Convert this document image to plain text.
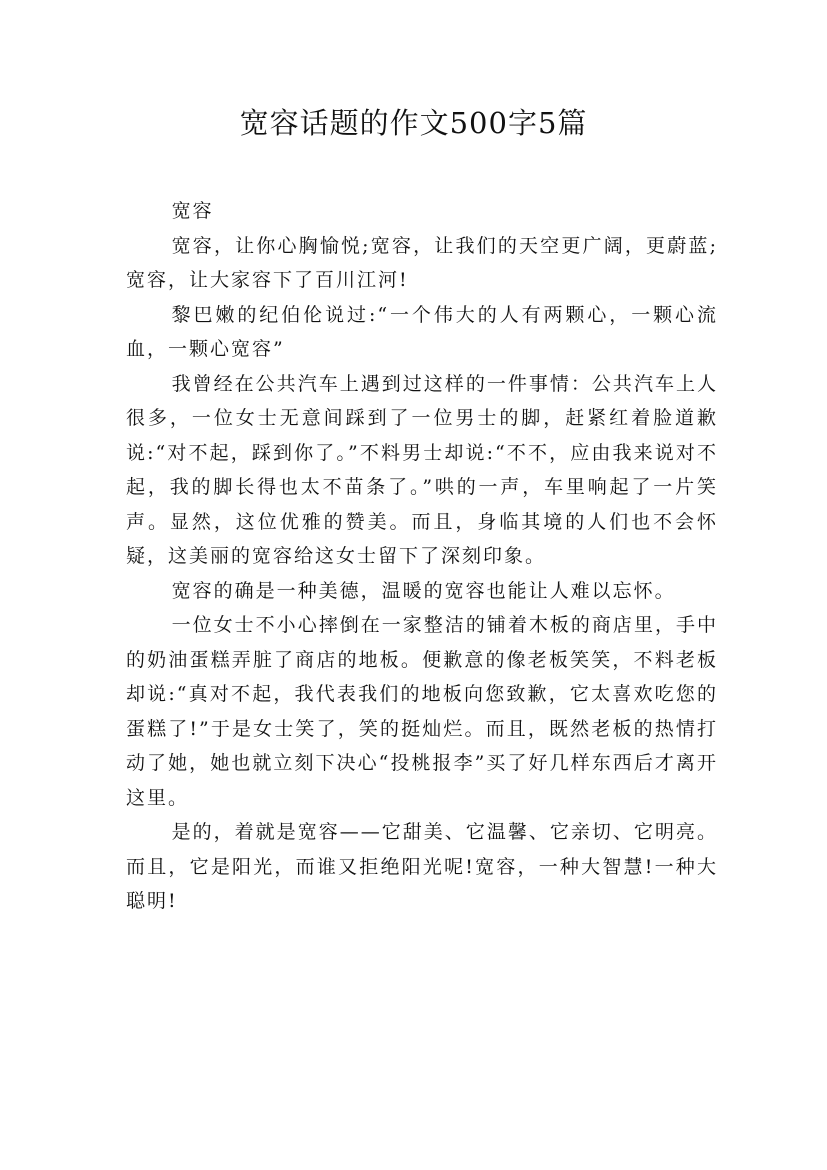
宽容话题的作文500字5篇

宽容

宽容，让你心胸愉悦;宽容，让我们的天空更广阔，更蔚蓝;宽容，让大家容下了百川江河!

黎巴嫩的纪伯伦说过:“一个伟大的人有两颗心，一颗心流血，一颗心宽容”

我曾经在公共汽车上遇到过这样的一件事情：公共汽车上人很多，一位女士无意间踩到了一位男士的脚，赶紧红着脸道歉说:“对不起，踩到你了。”不料男士却说:“不不，应由我来说对不起，我的脚长得也太不苗条了。”哄的一声，车里响起了一片笑声。显然，这位优雅的赞美。而且，身临其境的人们也不会怀疑，这美丽的宽容给这女士留下了深刻印象。

宽容的确是一种美德，温暖的宽容也能让人难以忘怀。

一位女士不小心摔倒在一家整洁的铺着木板的商店里，手中的奶油蛋糕弄脏了商店的地板。便歉意的像老板笑笑，不料老板却说:“真对不起，我代表我们的地板向您致歉，它太喜欢吃您的蛋糕了!”于是女士笑了，笑的挺灿烂。而且，既然老板的热情打动了她，她也就立刻下决心“投桃报李”买了好几样东西后才离开这里。

是的，着就是宽容——它甜美、它温馨、它亲切、它明亮。而且，它是阳光，而谁又拒绝阳光呢!宽容，一种大智慧!一种大聪明!
